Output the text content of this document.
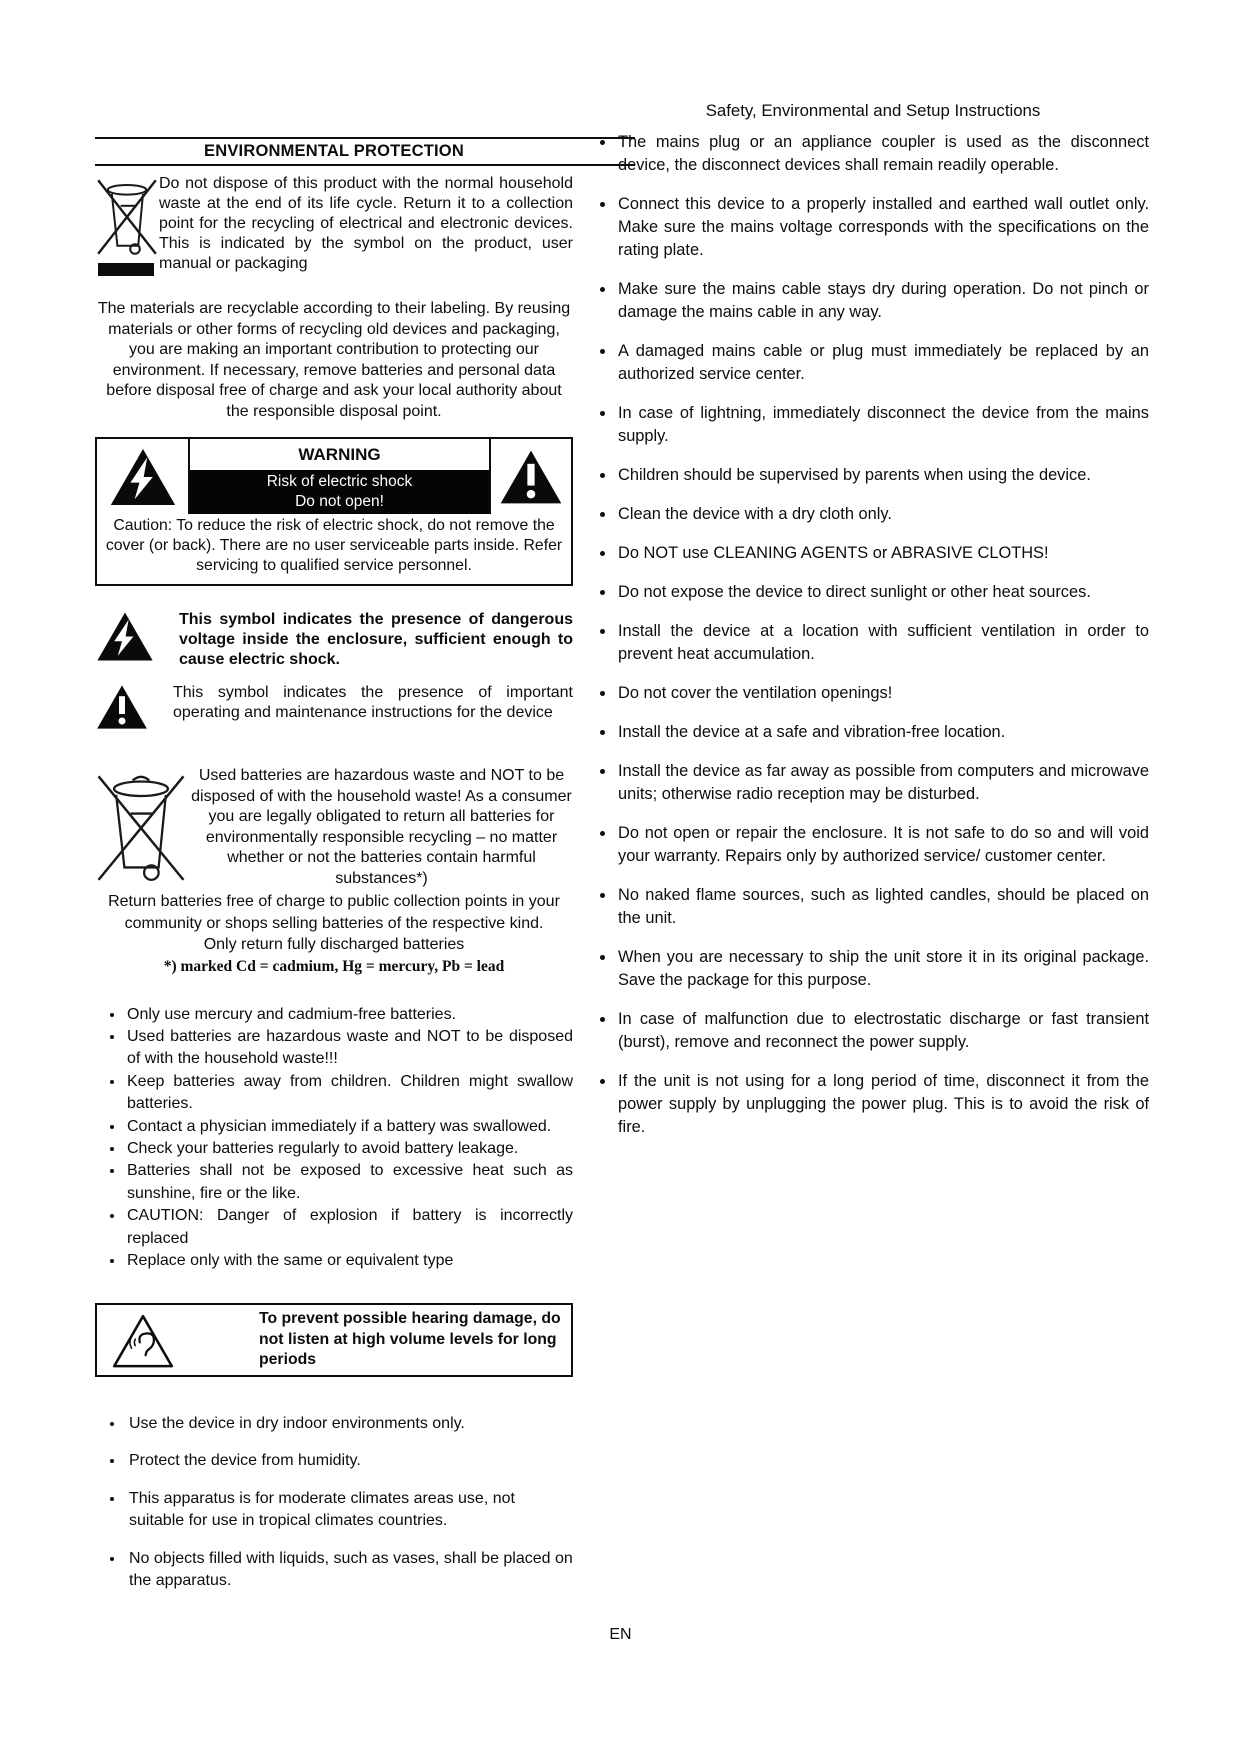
ENVIRONMENTAL PROTECTION

Do not dispose of this product with the normal household waste at the end of its life cycle. Return it to a collection point for the recycling of electrical and electronic devices. This is indicated by the symbol on the product, user manual or packaging

The materials are recyclable according to their labeling. By reusing materials or other forms of recycling old devices and packaging, you are making an important contribution to protecting our environment. If necessary, remove batteries and personal data before disposal free of charge and ask your local authority about the responsible disposal point.

WARNING
Risk of electric shock
Do not open!
Caution: To reduce the risk of electric shock, do not remove the cover (or back). There are no user serviceable parts inside. Refer servicing to qualified service personnel.

This symbol indicates the presence of dangerous voltage inside the enclosure, sufficient enough to cause electric shock.

This symbol indicates the presence of important operating and maintenance instructions for the device

Used batteries are hazardous waste and NOT to be disposed of with the household waste! As a consumer you are legally obligated to return all batteries for environmentally responsible recycling – no matter whether or not the batteries contain harmful substances*)

Return batteries free of charge to public collection points in your community or shops selling batteries of the respective kind.

Only return fully discharged batteries

*) marked Cd = cadmium, Hg = mercury, Pb = lead

• Only use mercury and cadmium-free batteries.
• Used batteries are hazardous waste and NOT to be disposed of with the household waste!!!
• Keep batteries away from children. Children might swallow batteries.
• Contact a physician immediately if a battery was swallowed.
• Check your batteries regularly to avoid battery leakage.
• Batteries shall not be exposed to excessive heat such as sunshine, fire or the like.
• CAUTION: Danger of explosion if battery is incorrectly replaced
• Replace only with the same or equivalent type

To prevent possible hearing damage, do not listen at high volume levels for long periods

• Use the device in dry indoor environments only.
• Protect the device from humidity.
• This apparatus is for moderate climates areas use, not suitable for use in tropical climates countries.
• No objects filled with liquids, such as vases, shall be placed on the apparatus.
Safety, Environmental and Setup Instructions
• The mains plug or an appliance coupler is used as the disconnect device, the disconnect devices shall remain readily operable.
• Connect this device to a properly installed and earthed wall outlet only. Make sure the mains voltage corresponds with the specifications on the rating plate.
• Make sure the mains cable stays dry during operation. Do not pinch or damage the mains cable in any way.
• A damaged mains cable or plug must immediately be replaced by an authorized service center.
• In case of lightning, immediately disconnect the device from the mains supply.
• Children should be supervised by parents when using the device.
• Clean the device with a dry cloth only.
• Do NOT use CLEANING AGENTS or ABRASIVE CLOTHS!
• Do not expose the device to direct sunlight or other heat sources.
• Install the device at a location with sufficient ventilation in order to prevent heat accumulation.
• Do not cover the ventilation openings!
• Install the device at a safe and vibration-free location.
• Install the device as far away as possible from computers and microwave units; otherwise radio reception may be disturbed.
• Do not open or repair the enclosure. It is not safe to do so and will void your warranty. Repairs only by authorized service/ customer center.
• No naked flame sources, such as lighted candles, should be placed on the unit.
• When you are necessary to ship the unit store it in its original package. Save the package for this purpose.
• In case of malfunction due to electrostatic discharge or fast transient (burst), remove and reconnect the power supply.
• If the unit is not using for a long period of time, disconnect it from the power supply by unplugging the power plug. This is to avoid the risk of fire.
EN
